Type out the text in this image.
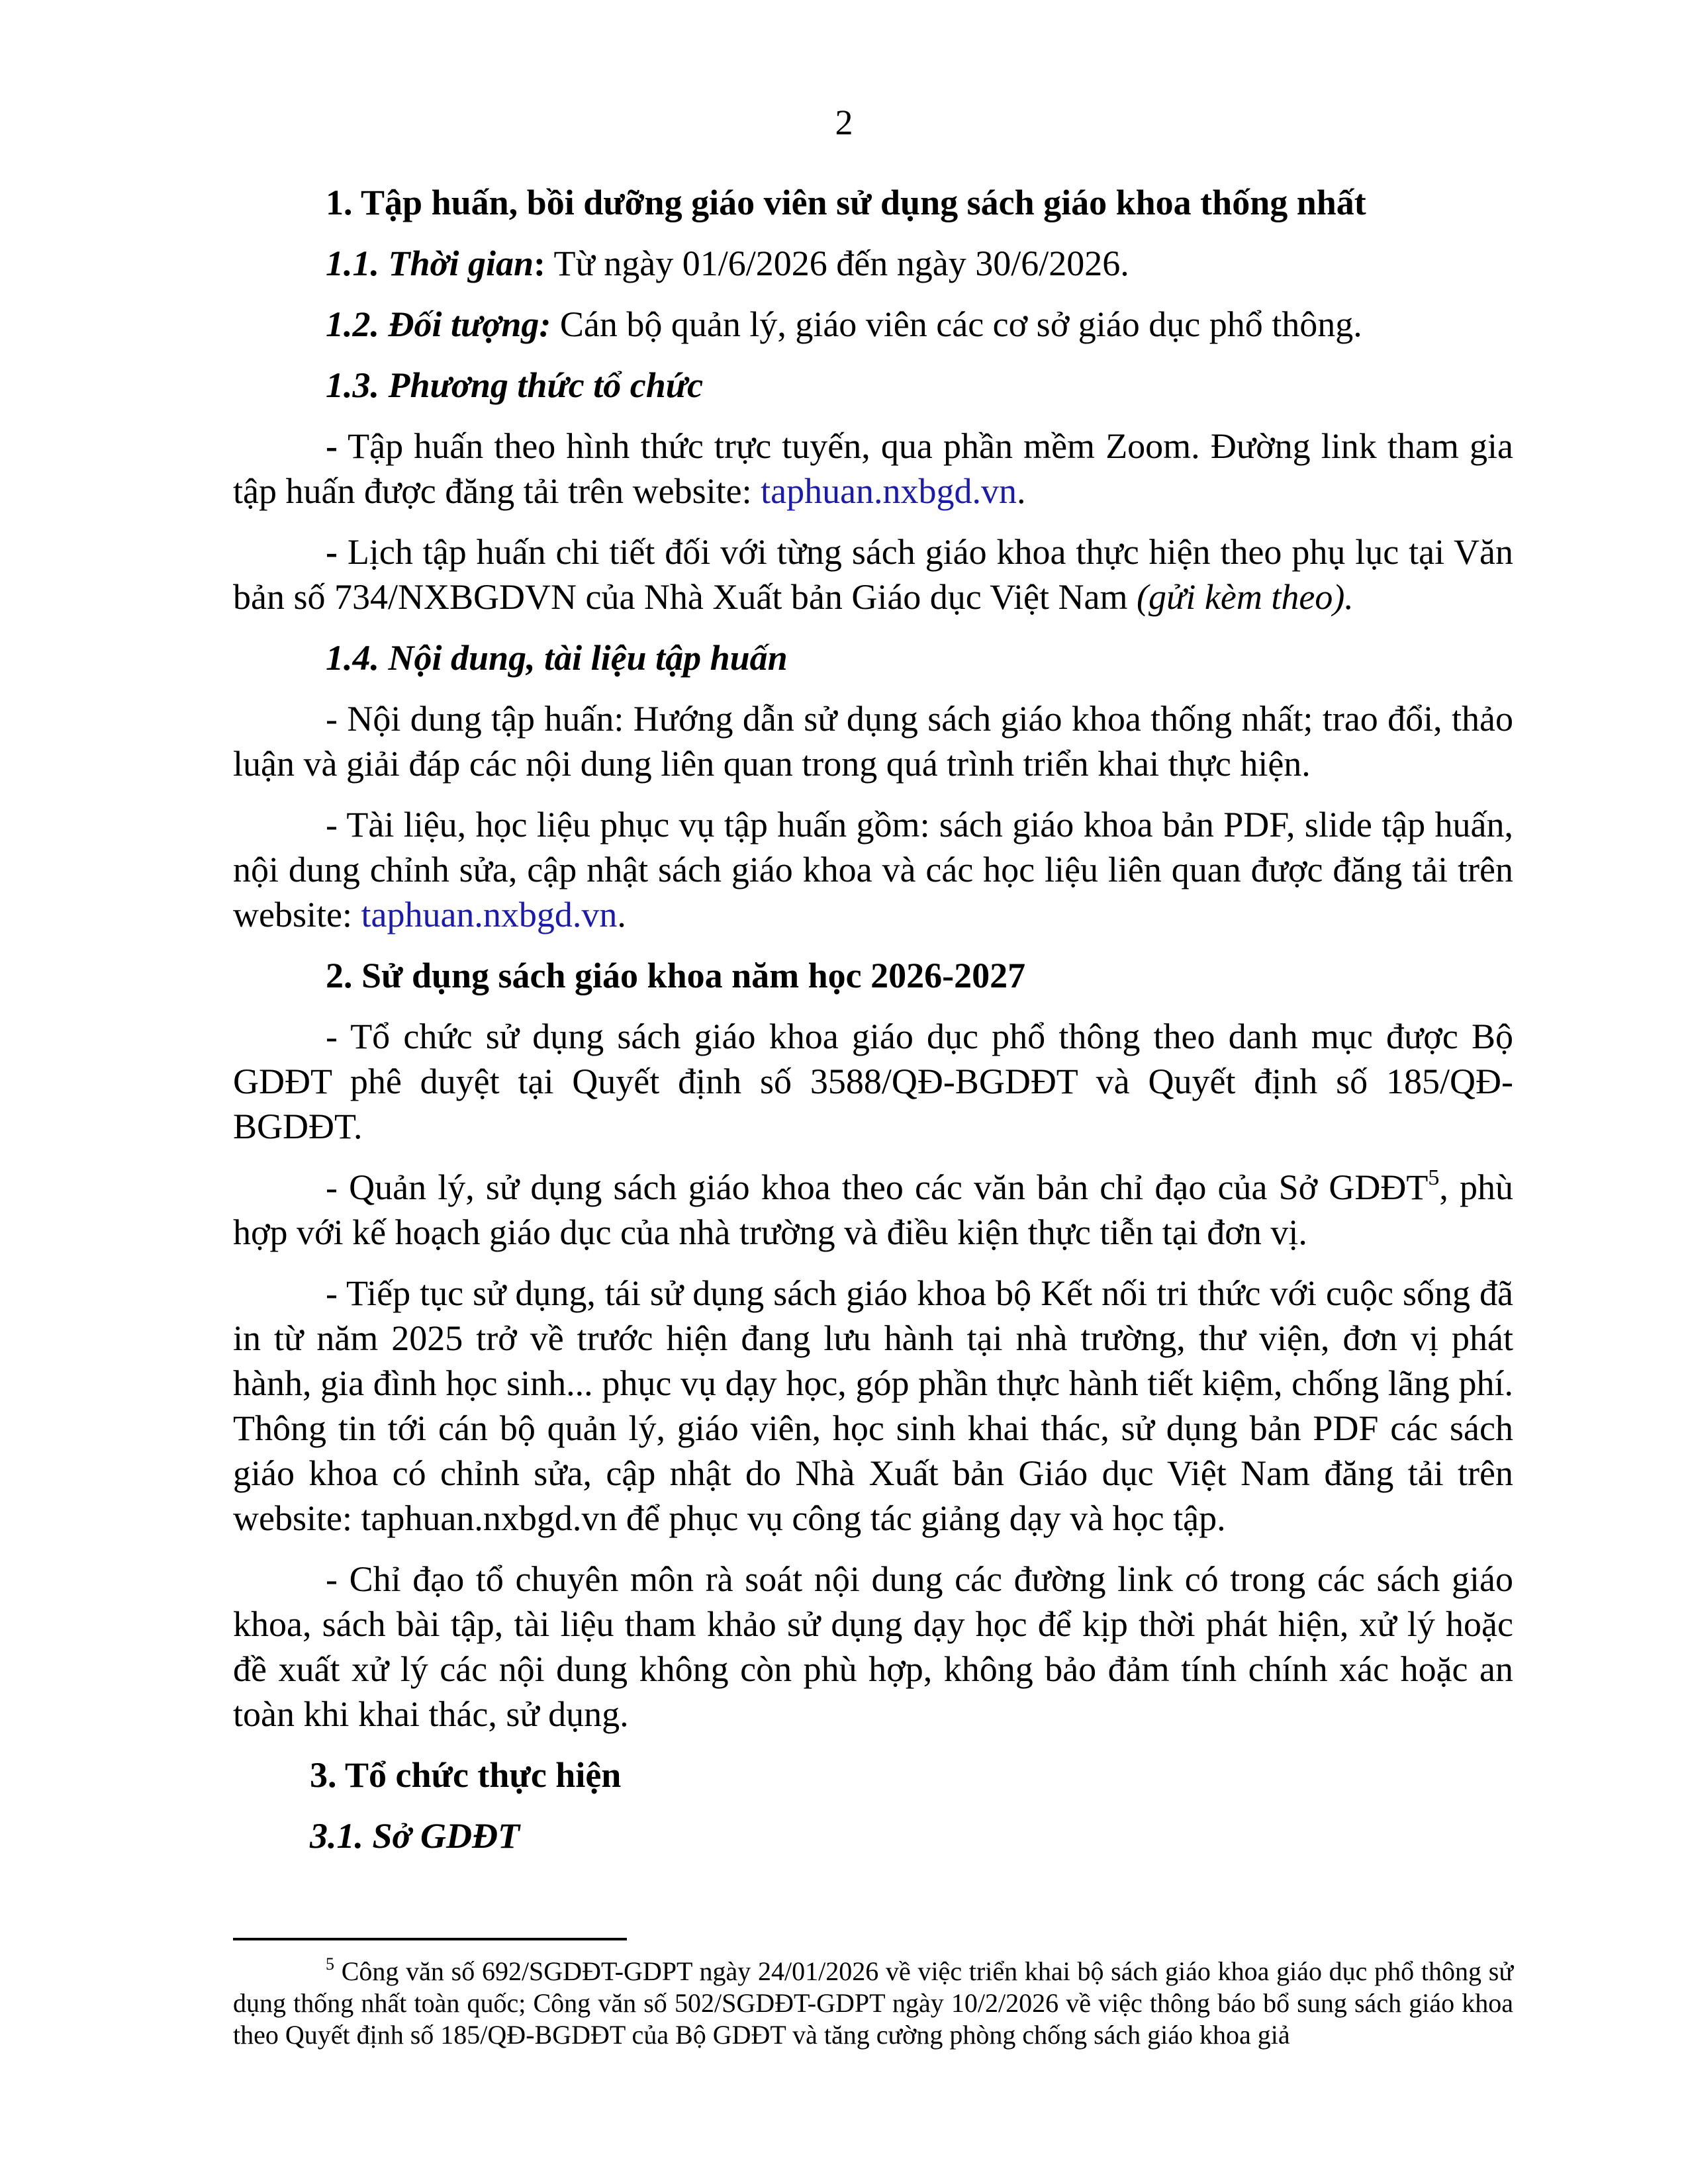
2

1. Tập huấn, bồi dưỡng giáo viên sử dụng sách giáo khoa thống nhất

1.1. Thời gian: Từ ngày 01/6/2026 đến ngày 30/6/2026.

1.2. Đối tượng: Cán bộ quản lý, giáo viên các cơ sở giáo dục phổ thông.

1.3. Phương thức tổ chức

- Tập huấn theo hình thức trực tuyến, qua phần mềm Zoom. Đường link tham gia tập huấn được đăng tải trên website: taphuan.nxbgd.vn.

- Lịch tập huấn chi tiết đối với từng sách giáo khoa thực hiện theo phụ lục tại Văn bản số 734/NXBGDVN của Nhà Xuất bản Giáo dục Việt Nam (gửi kèm theo).

1.4. Nội dung, tài liệu tập huấn

- Nội dung tập huấn: Hướng dẫn sử dụng sách giáo khoa thống nhất; trao đổi, thảo luận và giải đáp các nội dung liên quan trong quá trình triển khai thực hiện.

- Tài liệu, học liệu phục vụ tập huấn gồm: sách giáo khoa bản PDF, slide tập huấn, nội dung chỉnh sửa, cập nhật sách giáo khoa và các học liệu liên quan được đăng tải trên website: taphuan.nxbgd.vn.

2. Sử dụng sách giáo khoa năm học 2026-2027

- Tổ chức sử dụng sách giáo khoa giáo dục phổ thông theo danh mục được Bộ GDĐT phê duyệt tại Quyết định số 3588/QĐ-BGDĐT và Quyết định số 185/QĐ-BGDĐT.

- Quản lý, sử dụng sách giáo khoa theo các văn bản chỉ đạo của Sở GDĐT$^5$, phù hợp với kế hoạch giáo dục của nhà trường và điều kiện thực tiễn tại đơn vị.

- Tiếp tục sử dụng, tái sử dụng sách giáo khoa bộ Kết nối tri thức với cuộc sống đã in từ năm 2025 trở về trước hiện đang lưu hành tại nhà trường, thư viện, đơn vị phát hành, gia đình học sinh... phục vụ dạy học, góp phần thực hành tiết kiệm, chống lãng phí. Thông tin tới cán bộ quản lý, giáo viên, học sinh khai thác, sử dụng bản PDF các sách giáo khoa có chỉnh sửa, cập nhật do Nhà Xuất bản Giáo dục Việt Nam đăng tải trên website: taphuan.nxbgd.vn để phục vụ công tác giảng dạy và học tập.

- Chỉ đạo tổ chuyên môn rà soát nội dung các đường link có trong các sách giáo khoa, sách bài tập, tài liệu tham khảo sử dụng dạy học để kịp thời phát hiện, xử lý hoặc đề xuất xử lý các nội dung không còn phù hợp, không bảo đảm tính chính xác hoặc an toàn khi khai thác, sử dụng.

3. Tổ chức thực hiện

3.1. Sở GDĐT

$^5$ Công văn số 692/SGDĐT-GDPT ngày 24/01/2026 về việc triển khai bộ sách giáo khoa giáo dục phổ thông sử dụng thống nhất toàn quốc; Công văn số 502/SGDĐT-GDPT ngày 10/2/2026 về việc thông báo bổ sung sách giáo khoa theo Quyết định số 185/QĐ-BGDĐT của Bộ GDĐT và tăng cường phòng chống sách giáo khoa giả
